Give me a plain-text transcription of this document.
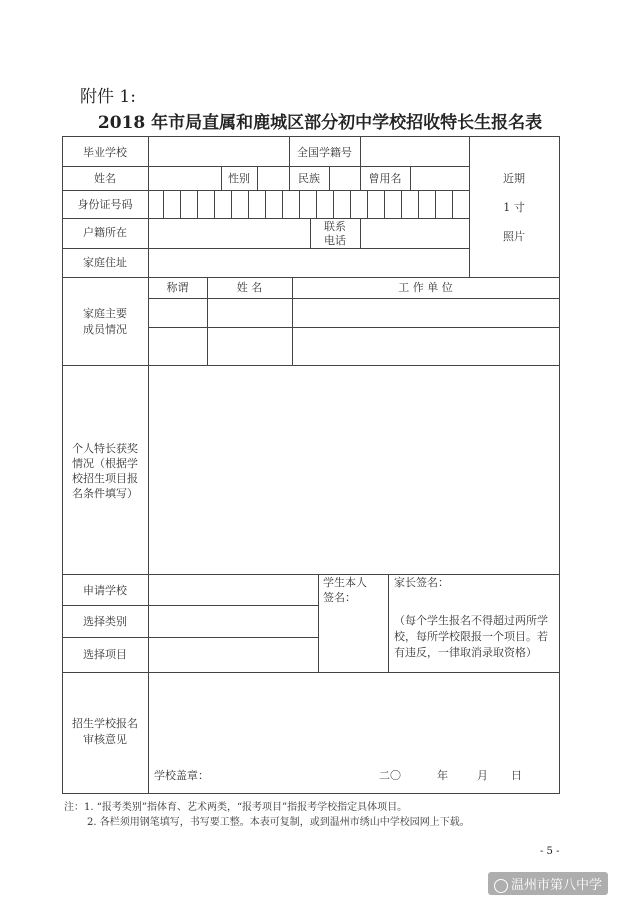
附件 1:
2018 年市局直属和鹿城区部分初中学校招收特长生报名表
毕业学校	全国学籍号
姓名	性别	民族	曾用名
身份证号码
户籍所在	联系
电话
家庭住址
近期
1 寸
照片
家庭主要
成员情况
称谓	姓 名	工 作 单 位
个人特长获奖
情况（根据学
校招生项目报
名条件填写）
申请学校
选择类别
选择项目
学生本人
签名：
家长签名：
（每个学生报名不得超过两所学
校，每所学校限报一个项目。若
有违反，一律取消录取资格）
招生学校报名
审核意见
学校盖章：	二〇	年	月 日
注：1. “报考类别”指体育、艺术两类，“报考项目”指报考学校指定具体项目。
2. 各栏须用钢笔填写，书写要工整。本表可复制，或到温州市绣山中学校园网上下载。
- 5 -
温州市第八中学
